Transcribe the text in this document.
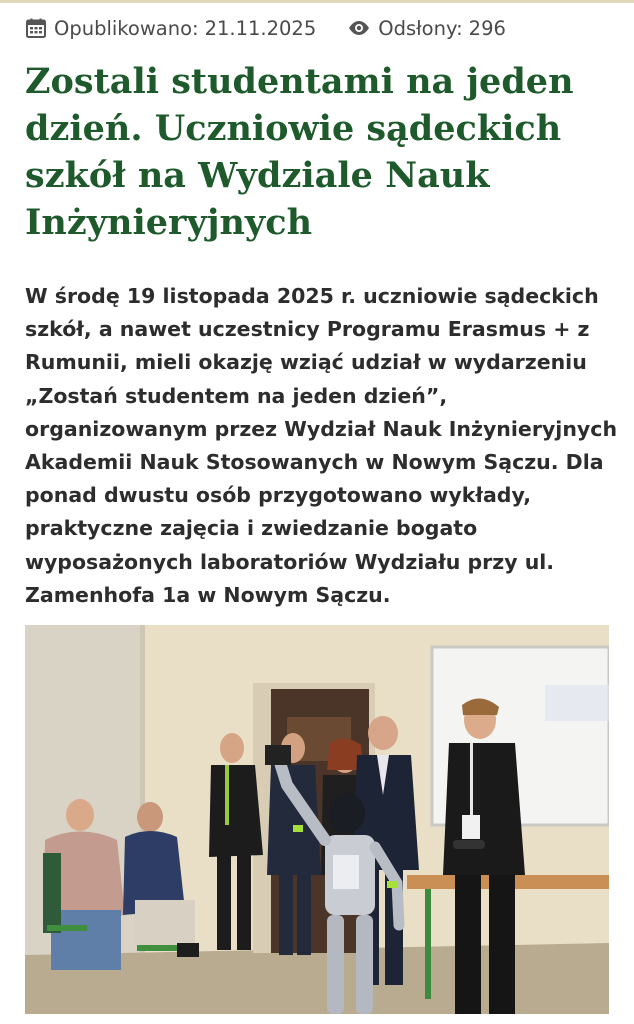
Opublikowano: 21.11.2025	Odsłony: 296
Zostali studentami na jeden dzień. Uczniowie sądeckich szkół na Wydziale Nauk Inżynieryjnych

W środę 19 listopada 2025 r. uczniowie sądeckich szkół, a nawet uczestnicy Programu Erasmus + z Rumunii, mieli okazję wziąć udział w wydarzeniu „Zostań studentem na jeden dzień”, organizowanym przez Wydział Nauk Inżynieryjnych Akademii Nauk Stosowanych w Nowym Sączu. Dla ponad dwustu osób przygotowano wykłady, praktyczne zajęcia i zwiedzanie bogato wyposażonych laboratoriów Wydziału przy ul. Zamenhofa 1a w Nowym Sączu.
